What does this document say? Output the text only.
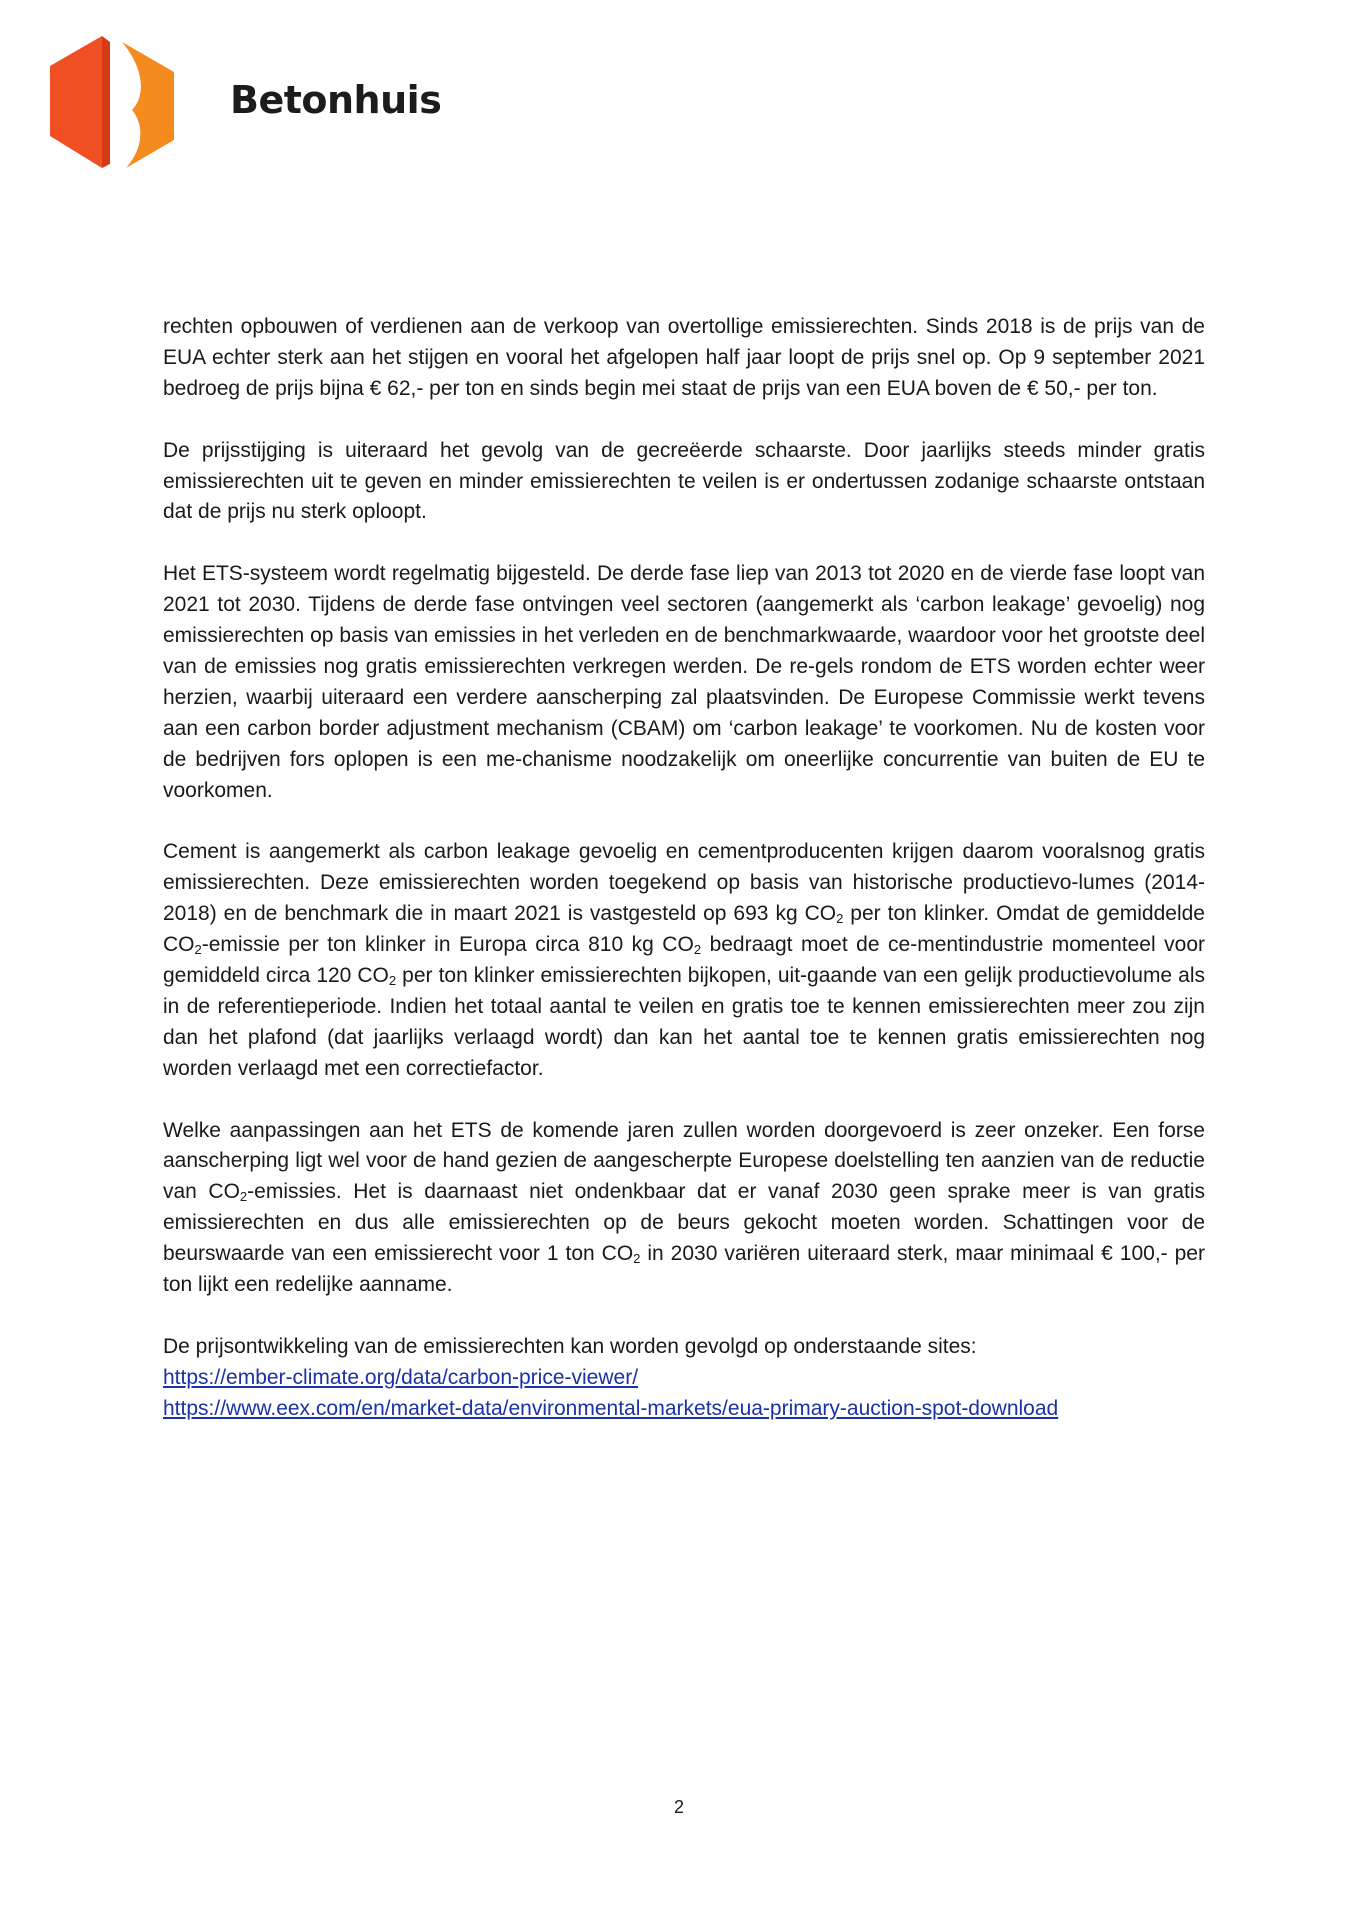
Betonhuis

rechten opbouwen of verdienen aan de verkoop van overtollige emissierechten. Sinds 2018 is de prijs van de EUA echter sterk aan het stijgen en vooral het afgelopen half jaar loopt de prijs snel op. Op 9 september 2021 bedroeg de prijs bijna € 62,- per ton en sinds begin mei staat de prijs van een EUA boven de € 50,- per ton.

De prijsstijging is uiteraard het gevolg van de gecreëerde schaarste. Door jaarlijks steeds minder gratis emissierechten uit te geven en minder emissierechten te veilen is er ondertussen zodanige schaarste ontstaan dat de prijs nu sterk oploopt.

Het ETS-systeem wordt regelmatig bijgesteld. De derde fase liep van 2013 tot 2020 en de vierde fase loopt van 2021 tot 2030. Tijdens de derde fase ontvingen veel sectoren (aangemerkt als ‘carbon leakage’ gevoelig) nog emissierechten op basis van emissies in het verleden en de benchmarkwaarde, waardoor voor het grootste deel van de emissies nog gratis emissierechten verkregen werden. De re-gels rondom de ETS worden echter weer herzien, waarbij uiteraard een verdere aanscherping zal plaatsvinden. De Europese Commissie werkt tevens aan een carbon border adjustment mechanism (CBAM) om ‘carbon leakage’ te voorkomen. Nu de kosten voor de bedrijven fors oplopen is een me-chanisme noodzakelijk om oneerlijke concurrentie van buiten de EU te voorkomen.

Cement is aangemerkt als carbon leakage gevoelig en cementproducenten krijgen daarom vooralsnog gratis emissierechten. Deze emissierechten worden toegekend op basis van historische productievo-lumes (2014-2018) en de benchmark die in maart 2021 is vastgesteld op 693 kg $CO_2$ per ton klinker. Omdat de gemiddelde $CO_2$-emissie per ton klinker in Europa circa 810 kg $CO_2$ bedraagt moet de ce-mentindustrie momenteel voor gemiddeld circa 120 $CO_2$ per ton klinker emissierechten bijkopen, uit-gaande van een gelijk productievolume als in de referentieperiode. Indien het totaal aantal te veilen en gratis toe te kennen emissierechten meer zou zijn dan het plafond (dat jaarlijks verlaagd wordt) dan kan het aantal toe te kennen gratis emissierechten nog worden verlaagd met een correctiefactor.

Welke aanpassingen aan het ETS de komende jaren zullen worden doorgevoerd is zeer onzeker. Een forse aanscherping ligt wel voor de hand gezien de aangescherpte Europese doelstelling ten aanzien van de reductie van $CO_2$-emissies. Het is daarnaast niet ondenkbaar dat er vanaf 2030 geen sprake meer is van gratis emissierechten en dus alle emissierechten op de beurs gekocht moeten worden. Schattingen voor de beurswaarde van een emissierecht voor 1 ton $CO_2$ in 2030 variëren uiteraard sterk, maar minimaal € 100,- per ton lijkt een redelijke aanname.

De prijsontwikkeling van de emissierechten kan worden gevolgd op onderstaande sites:
https://ember-climate.org/data/carbon-price-viewer/
https://www.eex.com/en/market-data/environmental-markets/eua-primary-auction-spot-download

2
